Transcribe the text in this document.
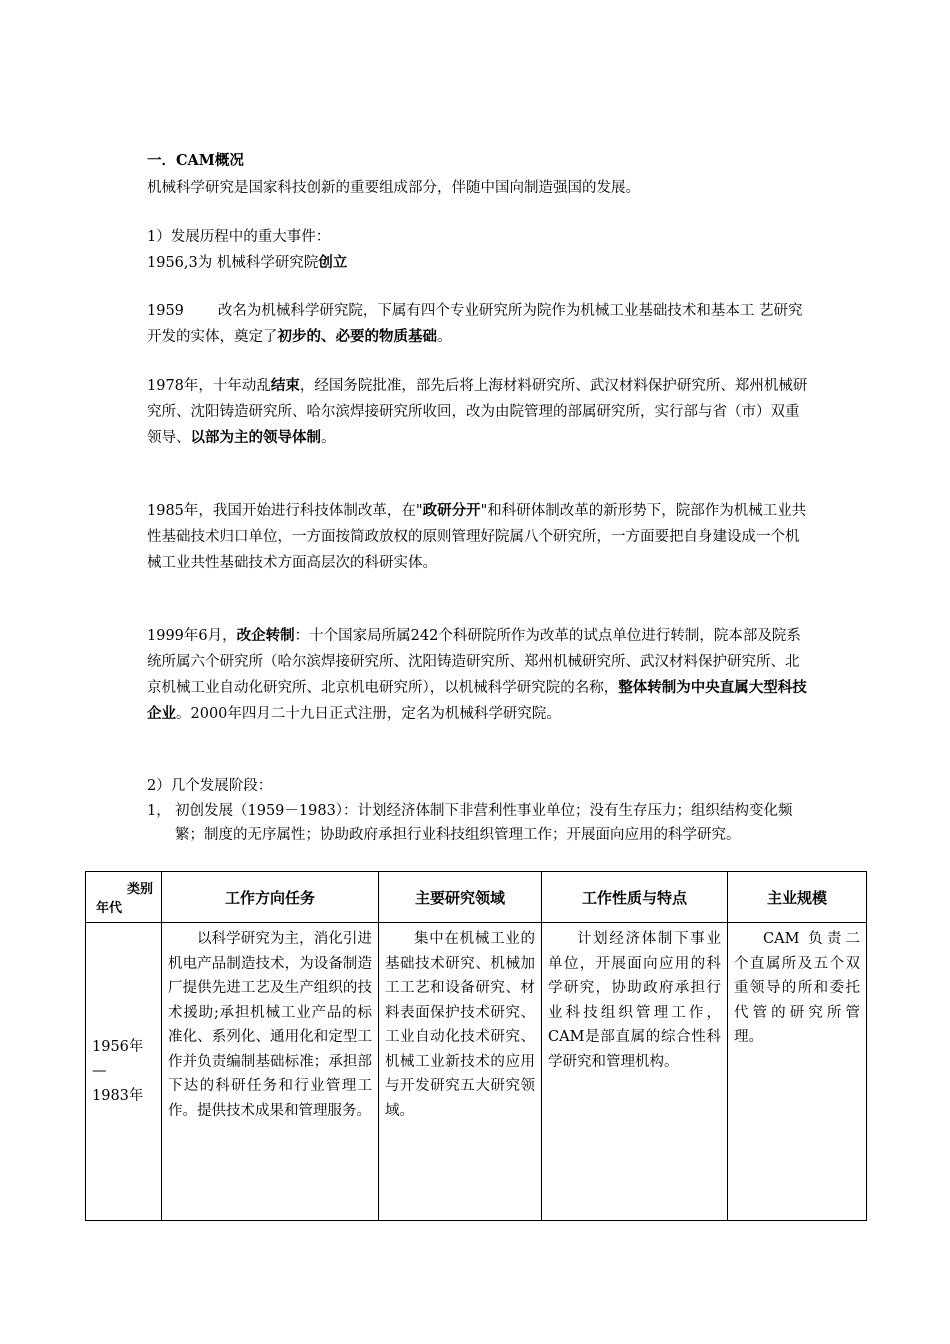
一．CAM概况
机械科学研究是国家科技创新的重要组成部分，伴随中国向制造强国的发展。
1）发展历程中的重大事件：
1956,3为 机械科学研究院创立
1959 改名为机械科学研究院，下属有四个专业研究所为院作为机械工业基础技术和基本工 艺研究开发的实体，奠定了初步的、必要的物质基础。
1978年，十年动乱结束，经国务院批准，部先后将上海材料研究所、武汉材料保护研究所、郑州机械研究所、沈阳铸造研究所、哈尔滨焊接研究所收回，改为由院管理的部属研究所，实行部与省（市）双重领导、以部为主的领导体制。
1985年，我国开始进行科技体制改革，在"政研分开"和科研体制改革的新形势下，院部作为机械工业共性基础技术归口单位，一方面按简政放权的原则管理好院属八个研究所，一方面要把自身建设成一个机械工业共性基础技术方面高层次的科研实体。
1999年6月，改企转制：十个国家局所属242个科研院所作为改革的试点单位进行转制，院本部及院系统所属六个研究所（哈尔滨焊接研究所、沈阳铸造研究所、郑州机械研究所、武汉材料保护研究所、北京机械工业自动化研究所、北京机电研究所），以机械科学研究院的名称，整体转制为中央直属大型科技企业。2000年四月二十九日正式注册，定名为机械科学研究院。
2）几个发展阶段：
1， 初创发展（1959－1983）：计划经济体制下非营利性事业单位；没有生存压力；组织结构变化频繁；制度的无序属性；协助政府承担行业科技组织管理工作；开展面向应用的科学研究。
类别
年代	工作方向任务	主要研究领域	工作性质与特点	主业规模

1956年
—
1983年	以科学研究为主，消化引进机电产品制造技术，为设备制造厂提供先进工艺及生产组织的技术援助;承担机械工业产品的标准化、系列化、通用化和定型工作并负责编制基础标准；承担部下达的科研任务和行业管理工作。提供技术成果和管理服务。	集中在机械工业的基础技术研究、机械加工工艺和设备研究、材料表面保护技术研究、工业自动化技术研究、机械工业新技术的应用与开发研究五大研究领域。	计划经济体制下事业单位，开展面向应用的科学研究，协助政府承担行业科技组织管理工作，CAM是部直属的综合性科学研究和管理机构。	CAM 负责二个直属所及五个双重领导的所和委托代管的研究所管理。
